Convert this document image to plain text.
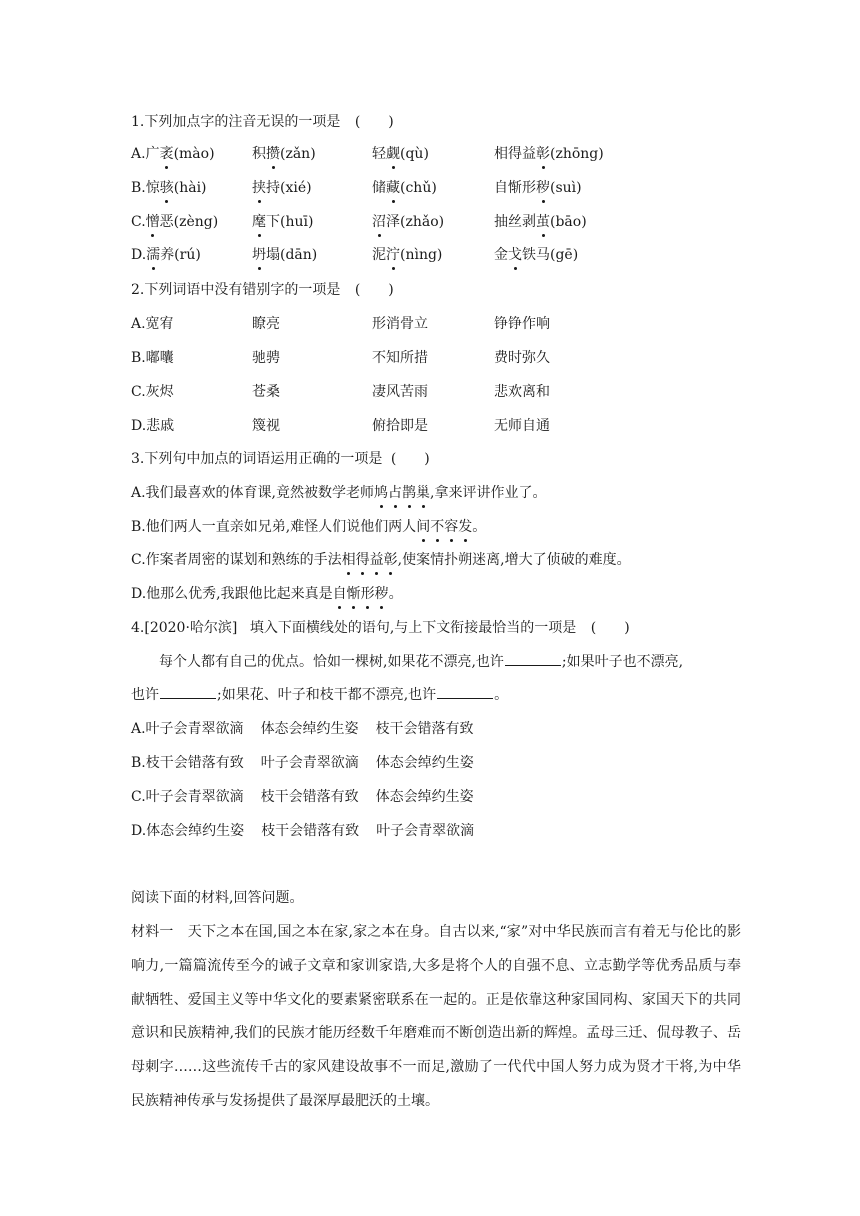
1.下列加点字的注音无误的一项是 (　　)
A.广袤(mào)	积攒(zǎn)	轻觑(qù)	相得益彰(zhōng)
B.惊骇(hài)	挟持(xié)	储藏(chǔ)	自惭形秽(suì)
C.憎恶(zèng) 麾下(huī)	沼泽(zhǎo)	抽丝剥茧(bāo)
D.濡养(rú)	坍塌(dān)	泥泞(nìng)	金戈铁马(gē)
2.下列词语中没有错别字的一项是 (　　)
A.宽宥	瞭亮	形消骨立	铮铮作响
B.嘟囔	驰骋	不知所措	费时弥久
C.灰烬	苍桑	凄风苦雨	悲欢离和
D.悲戚	篾视	俯拾即是	无师自通
3.下列句中加点的词语运用正确的一项是 (　　)
A.我们最喜欢的体育课,竟然被数学老师鸠占鹊巢,拿来评讲作业了。
B.他们两人一直亲如兄弟,难怪人们说他们两人间不容发。
C.作案者周密的谋划和熟练的手法相得益彰,使案情扑朔迷离,增大了侦破的难度。
D.他那么优秀,我跟他比起来真是自惭形秽。
4.[2020·哈尔滨] 填入下面横线处的语句,与上下文衔接最恰当的一项是 (　　)
每个人都有自己的优点。恰如一棵树,如果花不漂亮,也许	;如果叶子也不漂亮,
也许	;如果花、叶子和枝干都不漂亮,也许	。
A.叶子会青翠欲滴 体态会绰约生姿 枝干会错落有致
B.枝干会错落有致 叶子会青翠欲滴 体态会绰约生姿
C.叶子会青翠欲滴 枝干会错落有致 体态会绰约生姿
D.体态会绰约生姿 枝干会错落有致 叶子会青翠欲滴
阅读下面的材料,回答问题。
材料一　天下之本在国,国之本在家,家之本在身。自古以来,“家”对中华民族而言有着无与伦比的影响力,一篇篇流传至今的诫子文章和家训家诰,大多是将个人的自强不息、立志勤学等优秀品质与奉献牺牲、爱国主义等中华文化的要素紧密联系在一起的。正是依靠这种家国同构、家国天下的共同意识和民族精神,我们的民族才能历经数千年磨难而不断创造出新的辉煌。孟母三迁、侃母教子、岳母刺字……这些流传千古的家风建设故事不一而足,激励了一代代中国人努力成为贤才干将,为中华民族精神传承与发扬提供了最深厚最肥沃的土壤。
